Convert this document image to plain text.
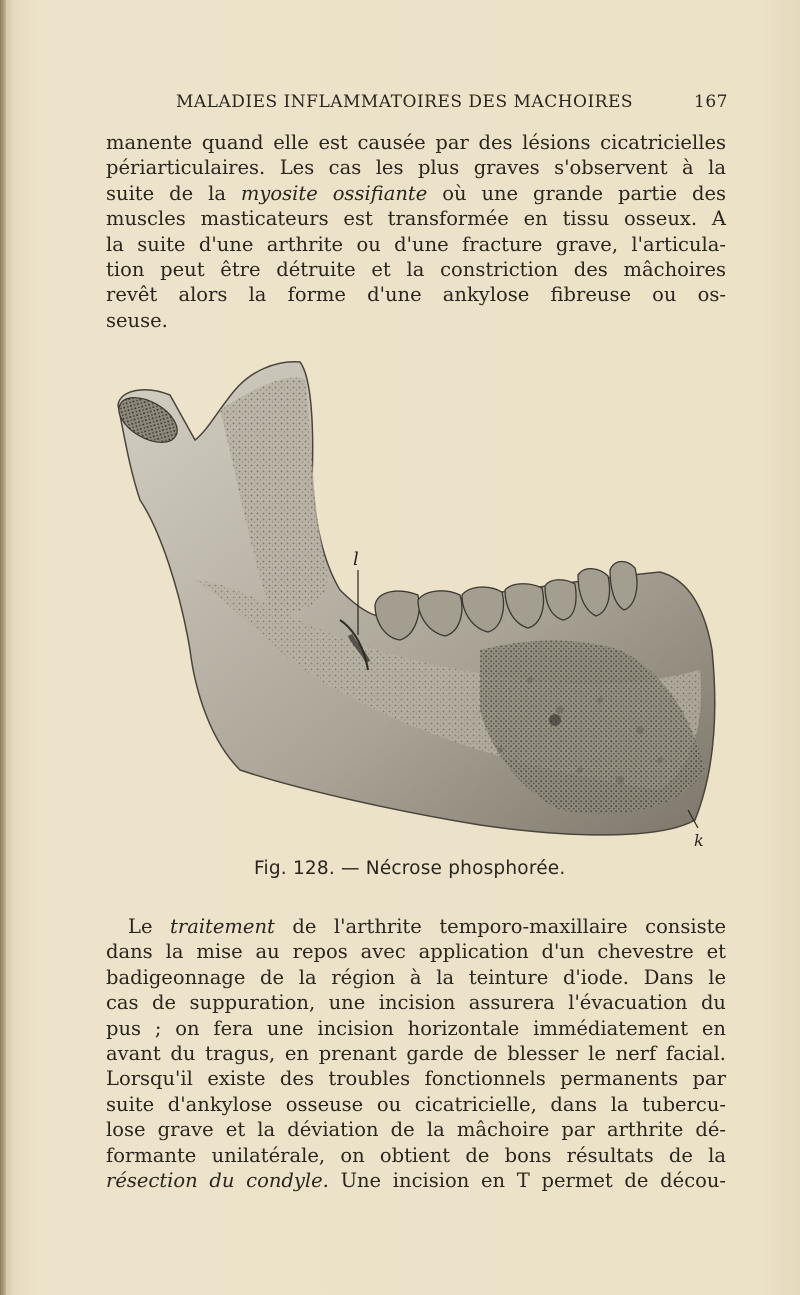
MALADIES INFLAMMATOIRES DES MACHOIRES	167
manente quand elle est causée par des lésions cicatricielles
périarticulaires. Les cas les plus graves s'observent à la
suite de la myosite ossifiante où une grande partie des
muscles masticateurs est transformée en tissu osseux. A
la suite d'une arthrite ou d'une fracture grave, l'articula-
tion peut être détruite et la constriction des mâchoires
revêt alors la forme d'une ankylose fibreuse ou os-
seuse.
l
k
Fig. 128. — Nécrose phosphorée.
Le traitement de l'arthrite temporo-maxillaire consiste
dans la mise au repos avec application d'un chevestre et
badigeonnage de la région à la teinture d'iode. Dans le
cas de suppuration, une incision assurera l'évacuation du
pus ; on fera une incision horizontale immédiatement en
avant du tragus, en prenant garde de blesser le nerf facial.
Lorsqu'il existe des troubles fonctionnels permanents par
suite d'ankylose osseuse ou cicatricielle, dans la tubercu-
lose grave et la déviation de la mâchoire par arthrite dé-
formante unilatérale, on obtient de bons résultats de la
résection du condyle. Une incision en T permet de décou-
